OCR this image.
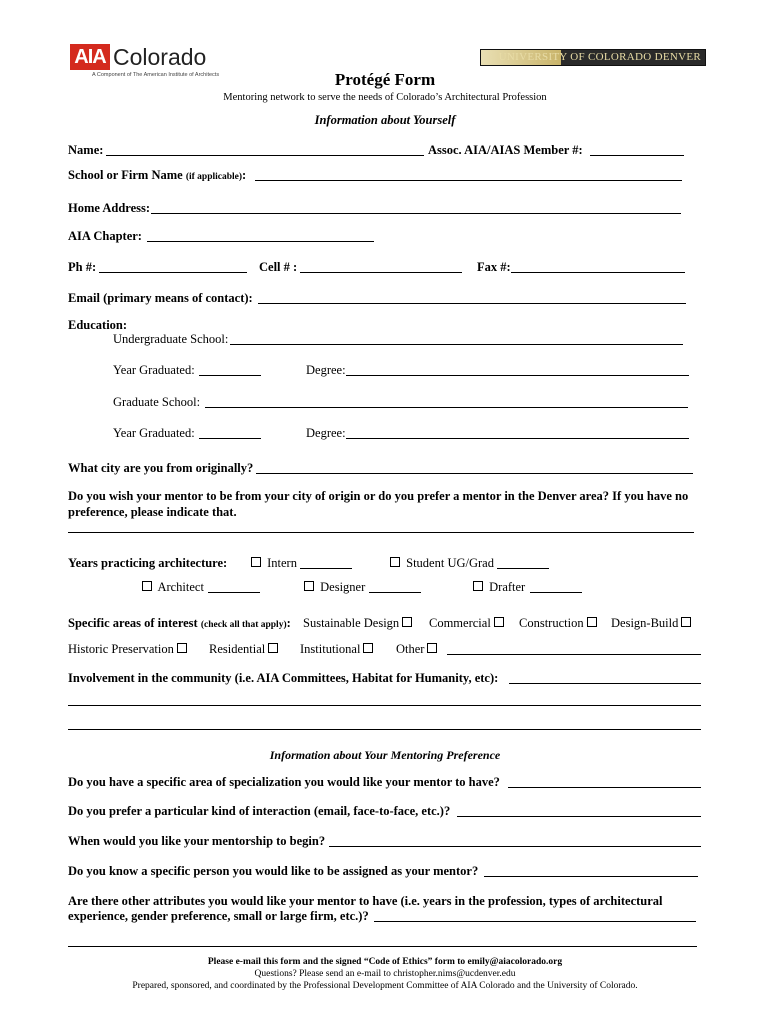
AIA Colorado
A Component of The American Institute of Architects
UNIVERSITY OF COLORADO DENVER
Protégé Form
Mentoring network to serve the needs of Colorado’s Architectural Profession
Information about Yourself
Name:	Assoc. AIA/AIAS Member #:
School or Firm Name (if applicable):
Home Address:
AIA Chapter:
Ph #:	Cell # :	Fax #:
Email (primary means of contact):
Education:
Undergraduate School:
Year Graduated:	Degree:
Graduate School:
Year Graduated:	Degree:
What city are you from originally?
Do you wish your mentor to be from your city of origin or do you prefer a mentor in the Denver area? If you have no
preference, please indicate that.
Years practicing architecture:	Intern	Student UG/Grad
Architect	Designer	Drafter
Specific areas of interest (check all that apply): Sustainable Design	Commercial	Construction	Design-Build
Historic Preservation	Residential	Institutional	Other
Involvement in the community (i.e. AIA Committees, Habitat for Humanity, etc):
Information about Your Mentoring Preference
Do you have a specific area of specialization you would like your mentor to have?
Do you prefer a particular kind of interaction (email, face-to-face, etc.)?
When would you like your mentorship to begin?
Do you know a specific person you would like to be assigned as your mentor?
Are there other attributes you would like your mentor to have (i.e. years in the profession, types of architectural
experience, gender preference, small or large firm, etc.)?
Please e-mail this form and the signed “Code of Ethics” form to emily@aiacolorado.org
Questions? Please send an e-mail to christopher.nims@ucdenver.edu
Prepared, sponsored, and coordinated by the Professional Development Committee of AIA Colorado and the University of Colorado.
